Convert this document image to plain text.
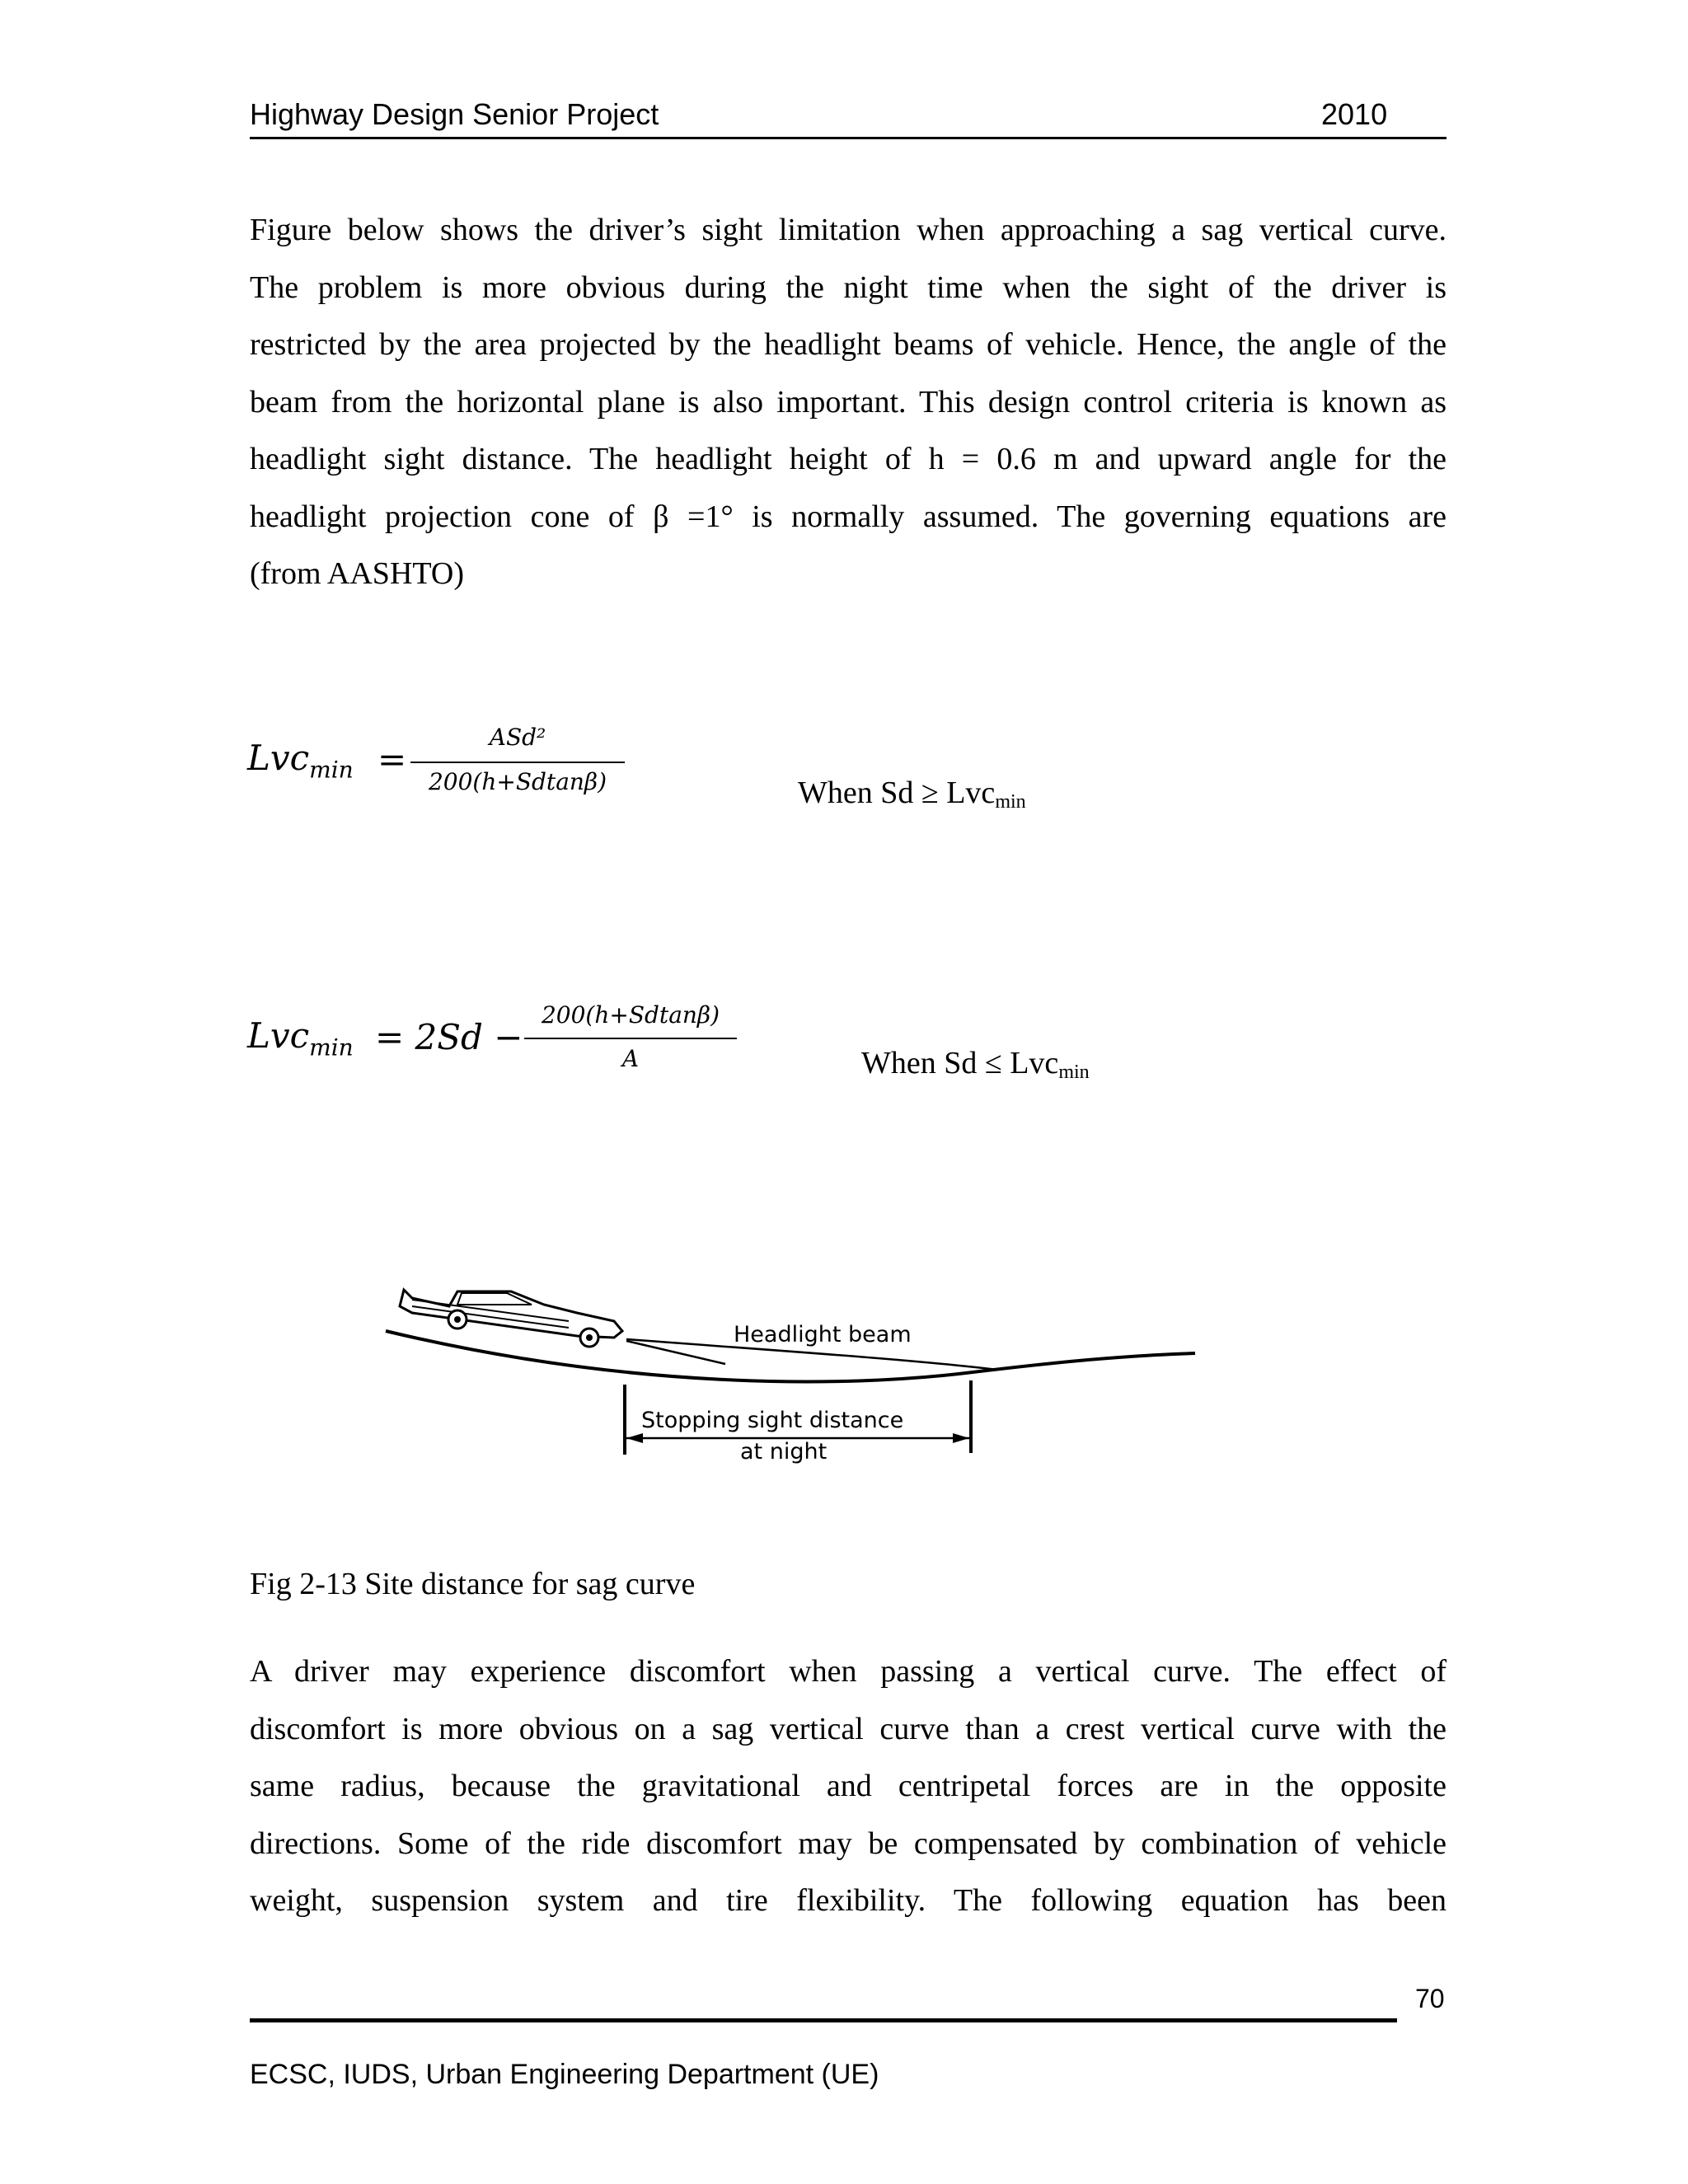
Highway Design Senior Project	2010
Figure below shows the driver’s sight limitation when approaching a sag vertical curve.
The problem is more obvious during the night time when the sight of the driver is
restricted by the area projected by the headlight beams of vehicle. Hence, the angle of the
beam from the horizontal plane is also important. This design control criteria is known as
headlight sight distance. The headlight height of h = 0.6 m and upward angle for the
headlight projection cone of β =1° is normally assumed. The governing equations are
(from AASHTO)
Lvc$_{min}$ =
ASd²
200(h+Sdtanβ)	When Sd ≥ Lvc$_{min}$
Lvc$_{min}$ = 2Sd −
200(h+Sdtanβ)
A	When Sd ≤ Lvc$_{min}$
Headlight beam
Stopping sight distance
at night
Fig 2-13 Site distance for sag curve
A driver may experience discomfort when passing a vertical curve. The effect of
discomfort is more obvious on a sag vertical curve than a crest vertical curve with the
same radius, because the gravitational and centripetal forces are in the opposite
directions. Some of the ride discomfort may be compensated by combination of vehicle
weight, suspension system and tire flexibility. The following equation has been
70
ECSC, IUDS, Urban Engineering Department (UE)
